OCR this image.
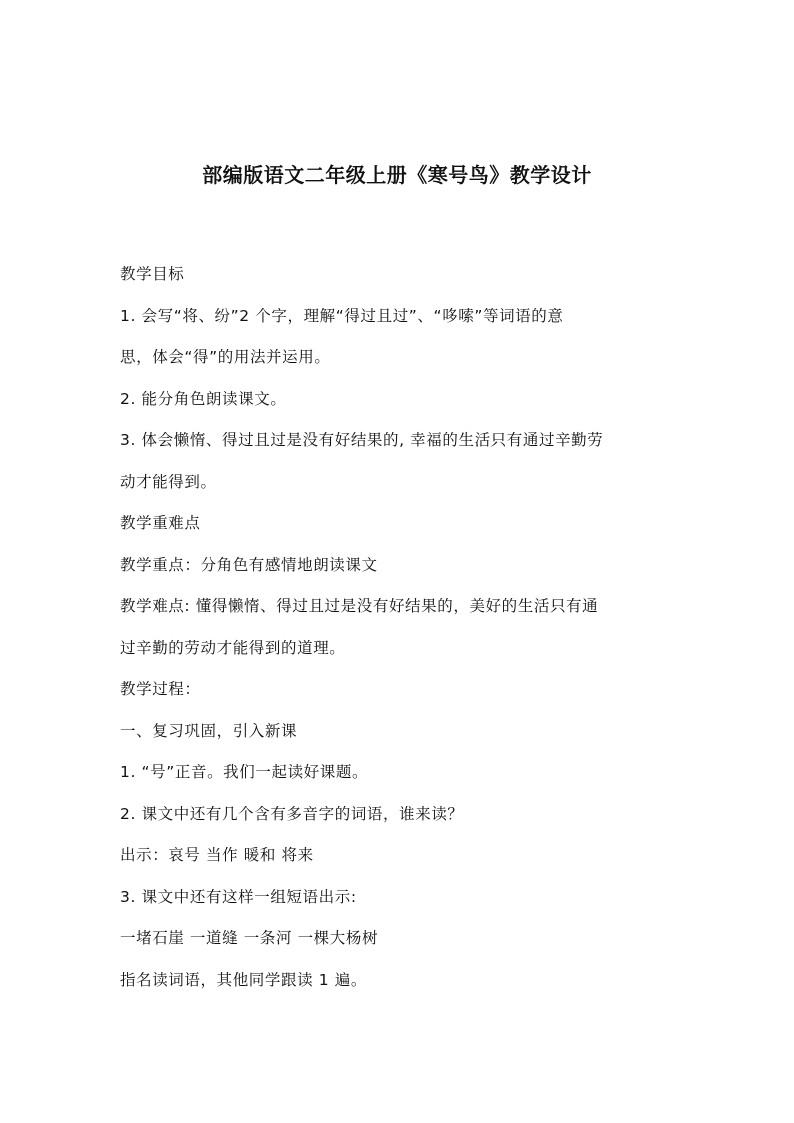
部编版语文二年级上册《寒号鸟》教学设计
教学目标
1. 会写“将、纷”2 个字，理解“得过且过”、“哆嗦”等词语的意
思，体会“得”的用法并运用。
2. 能分角色朗读课文。
3. 体会懒惰、得过且过是没有好结果的, 幸福的生活只有通过辛勤劳
动才能得到。
教学重难点
教学重点：分角色有感情地朗读课文
教学难点: 懂得懒惰、得过且过是没有好结果的，美好的生活只有通
过辛勤的劳动才能得到的道理。
教学过程：
一、复习巩固，引入新课
1. “号”正音。我们一起读好课题。
2. 课文中还有几个含有多音字的词语，谁来读？
出示：哀号 当作 暖和 将来
3. 课文中还有这样一组短语出示:
一堵石崖 一道缝 一条河 一棵大杨树
指名读词语，其他同学跟读 1 遍。
